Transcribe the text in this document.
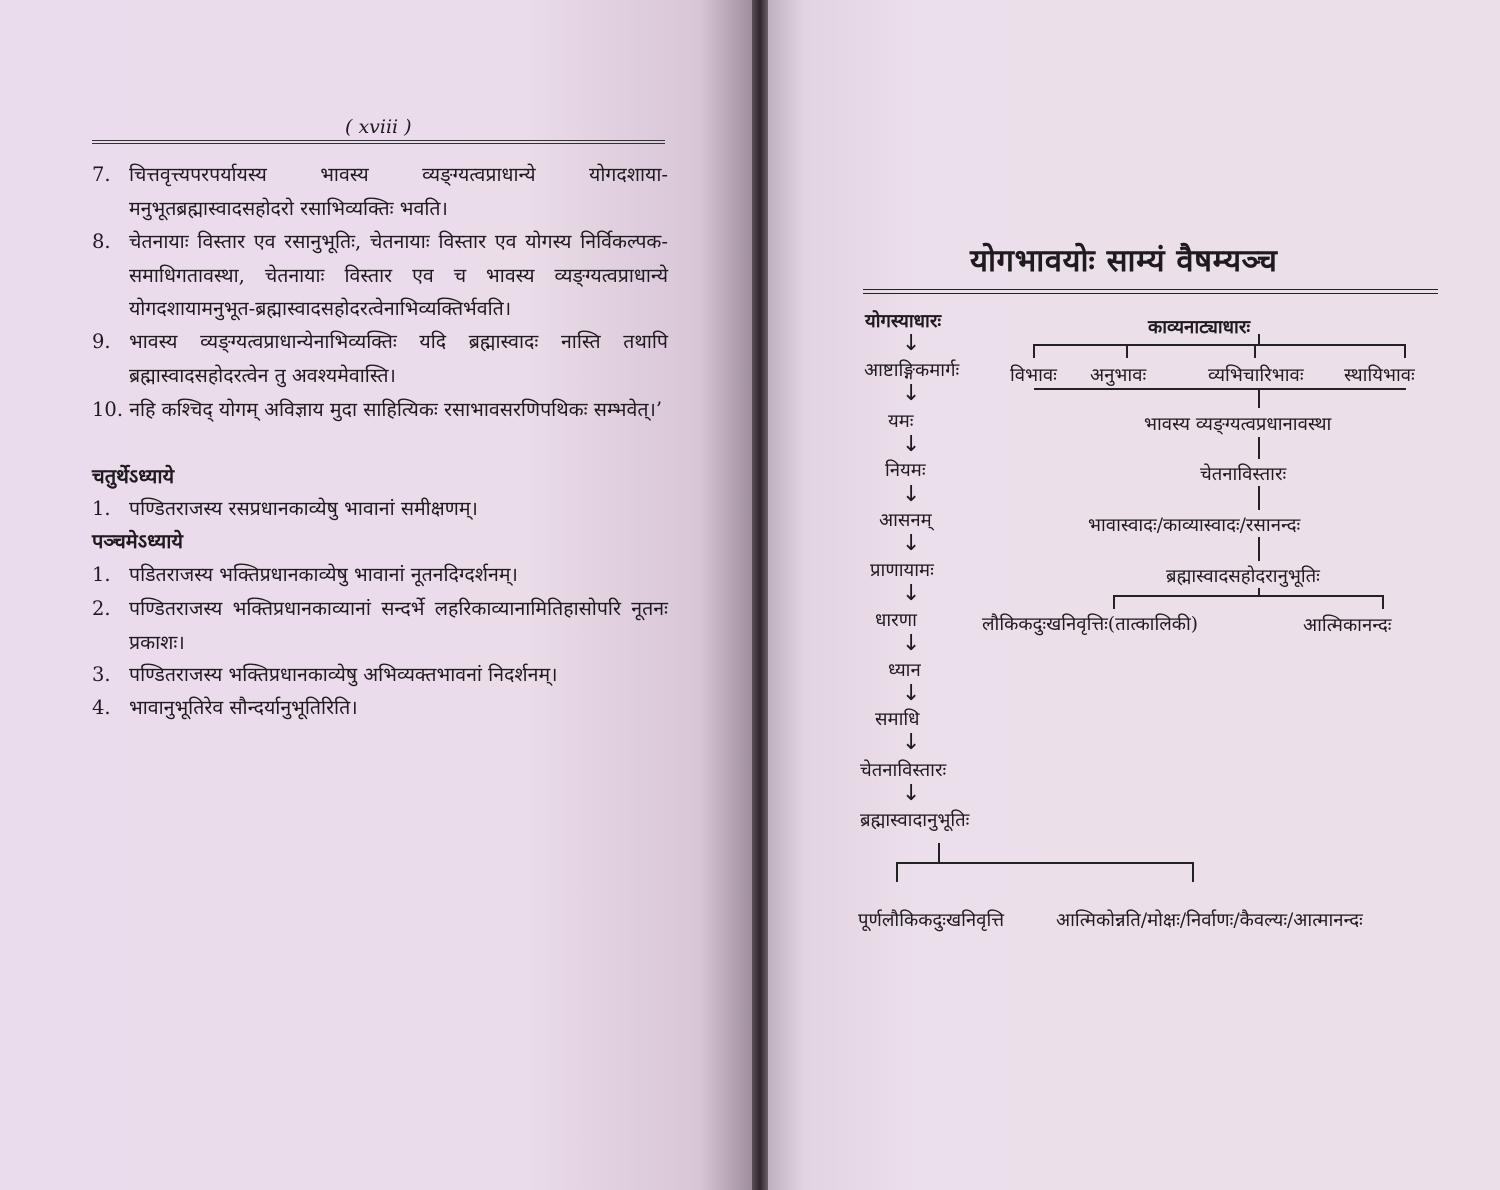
( xviii )
7. चित्तवृत्त्यपरपर्यायस्य भावस्य व्यङ्ग्यत्वप्राधान्ये योगदशाया-मनुभूतब्रह्मास्वादसहोदरो रसाभिव्यक्तिः भवति।
8. चेतनायाः विस्तार एव रसानुभूतिः, चेतनायाः विस्तार एव योगस्य निर्विकल्पक- समाधिगतावस्था, चेतनायाः विस्तार एव च भावस्य व्यङ्ग्यत्वप्राधान्ये योगदशायामनुभूत-ब्रह्मास्वादसहोदरत्वेनाभिव्यक्तिर्भवति।
9. भावस्य व्यङ्ग्यत्वप्राधान्येनाभिव्यक्तिः यदि ब्रह्मास्वादः नास्ति तथापि ब्रह्मास्वादसहोदरत्वेन तु अवश्यमेवास्ति।
10. नहि कश्चिद् योगम् अविज्ञाय मुदा साहित्यिकः रसाभावसरणिपथिकः सम्भवेत्।’
चतुर्थेऽध्याये
1. पण्डितराजस्य रसप्रधानकाव्येषु भावानां समीक्षणम्।
पञ्चमेऽध्याये
1. पडितराजस्य भक्तिप्रधानकाव्येषु भावानां नूतनदिग्दर्शनम्।
2. पण्डितराजस्य भक्तिप्रधानकाव्यानां सन्दर्भे लहरिकाव्यानामितिहासोपरि नूतनः प्रकाशः।
3. पण्डितराजस्य भक्तिप्रधानकाव्येषु अभिव्यक्तभावनां निदर्शनम्।
4. भावानुभूतिरेव सौन्दर्यानुभूतिरिति।
योगभावयोः साम्यं वैषम्यञ्च
योगस्याधारः
↓
आष्टाङ्गिकमार्गः
↓
यमः
↓
नियमः
↓
आसनम्
↓
प्राणायामः
↓
धारणा
↓
ध्यान
↓
समाधि
↓
चेतनाविस्तारः
↓
ब्रह्मास्वादानुभूतिः
पूर्णलौकिकदुःखनिवृत्ति	आत्मिकोन्नति/मोक्षः/निर्वाणः/कैवल्यः/आत्मानन्दः
काव्यनाट्याधारः
विभावः अनुभावः	व्यभिचारिभावः स्थायिभावः
भावस्य व्यङ्ग्यत्वप्रधानावस्था
चेतनाविस्तारः
भावास्वादः/काव्यास्वादः/रसानन्दः
ब्रह्मास्वादसहोदरानुभूतिः
लौकिकदुःखनिवृत्तिः(तात्कालिकी)	आत्मिकानन्दः
